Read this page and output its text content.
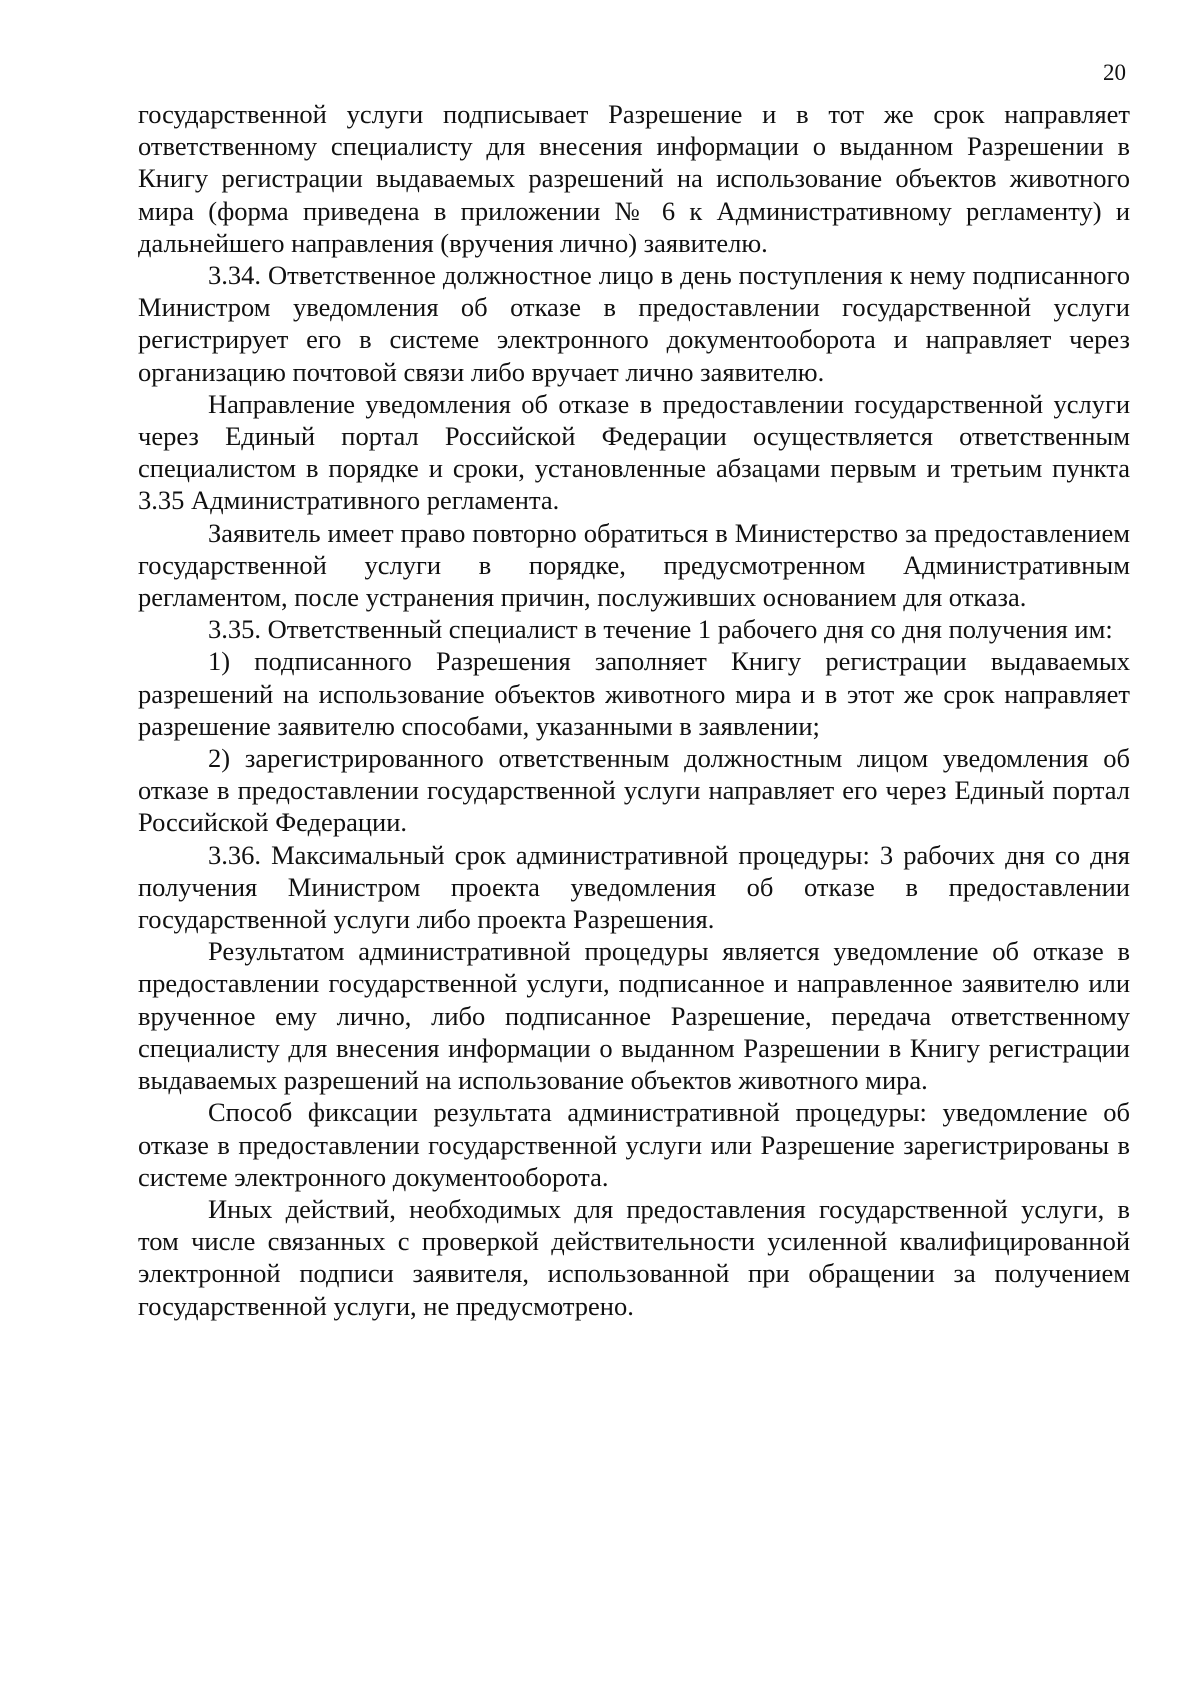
20

государственной услуги подписывает Разрешение и в тот же срок направляет ответственному специалисту для внесения информации о выданном Разрешении в Книгу регистрации выдаваемых разрешений на использование объектов животного мира (форма приведена в приложении № 6 к Административному регламенту) и дальнейшего направления (вручения лично) заявителю.

3.34. Ответственное должностное лицо в день поступления к нему подписанного Министром уведомления об отказе в предоставлении государственной услуги регистрирует его в системе электронного документооборота и направляет через организацию почтовой связи либо вручает лично заявителю.

Направление уведомления об отказе в предоставлении государственной услуги через Единый портал Российской Федерации осуществляется ответственным специалистом в порядке и сроки, установленные абзацами первым и третьим пункта 3.35 Административного регламента.

Заявитель имеет право повторно обратиться в Министерство за предоставлением государственной услуги в порядке, предусмотренном Административным регламентом, после устранения причин, послуживших основанием для отказа.

3.35. Ответственный специалист в течение 1 рабочего дня со дня получения им:

1) подписанного Разрешения заполняет Книгу регистрации выдаваемых разрешений на использование объектов животного мира и в этот же срок направляет разрешение заявителю способами, указанными в заявлении;

2) зарегистрированного ответственным должностным лицом уведомления об отказе в предоставлении государственной услуги направляет его через Единый портал Российской Федерации.

3.36. Максимальный срок административной процедуры: 3 рабочих дня со дня получения Министром проекта уведомления об отказе в предоставлении государственной услуги либо проекта Разрешения.

Результатом административной процедуры является уведомление об отказе в предоставлении государственной услуги, подписанное и направленное заявителю или врученное ему лично, либо подписанное Разрешение, передача ответственному специалисту для внесения информации о выданном Разрешении в Книгу регистрации выдаваемых разрешений на использование объектов животного мира.

Способ фиксации результата административной процедуры: уведомление об отказе в предоставлении государственной услуги или Разрешение зарегистрированы в системе электронного документооборота.

Иных действий, необходимых для предоставления государственной услуги, в том числе связанных с проверкой действительности усиленной квалифицированной электронной подписи заявителя, использованной при обращении за получением государственной услуги, не предусмотрено.
